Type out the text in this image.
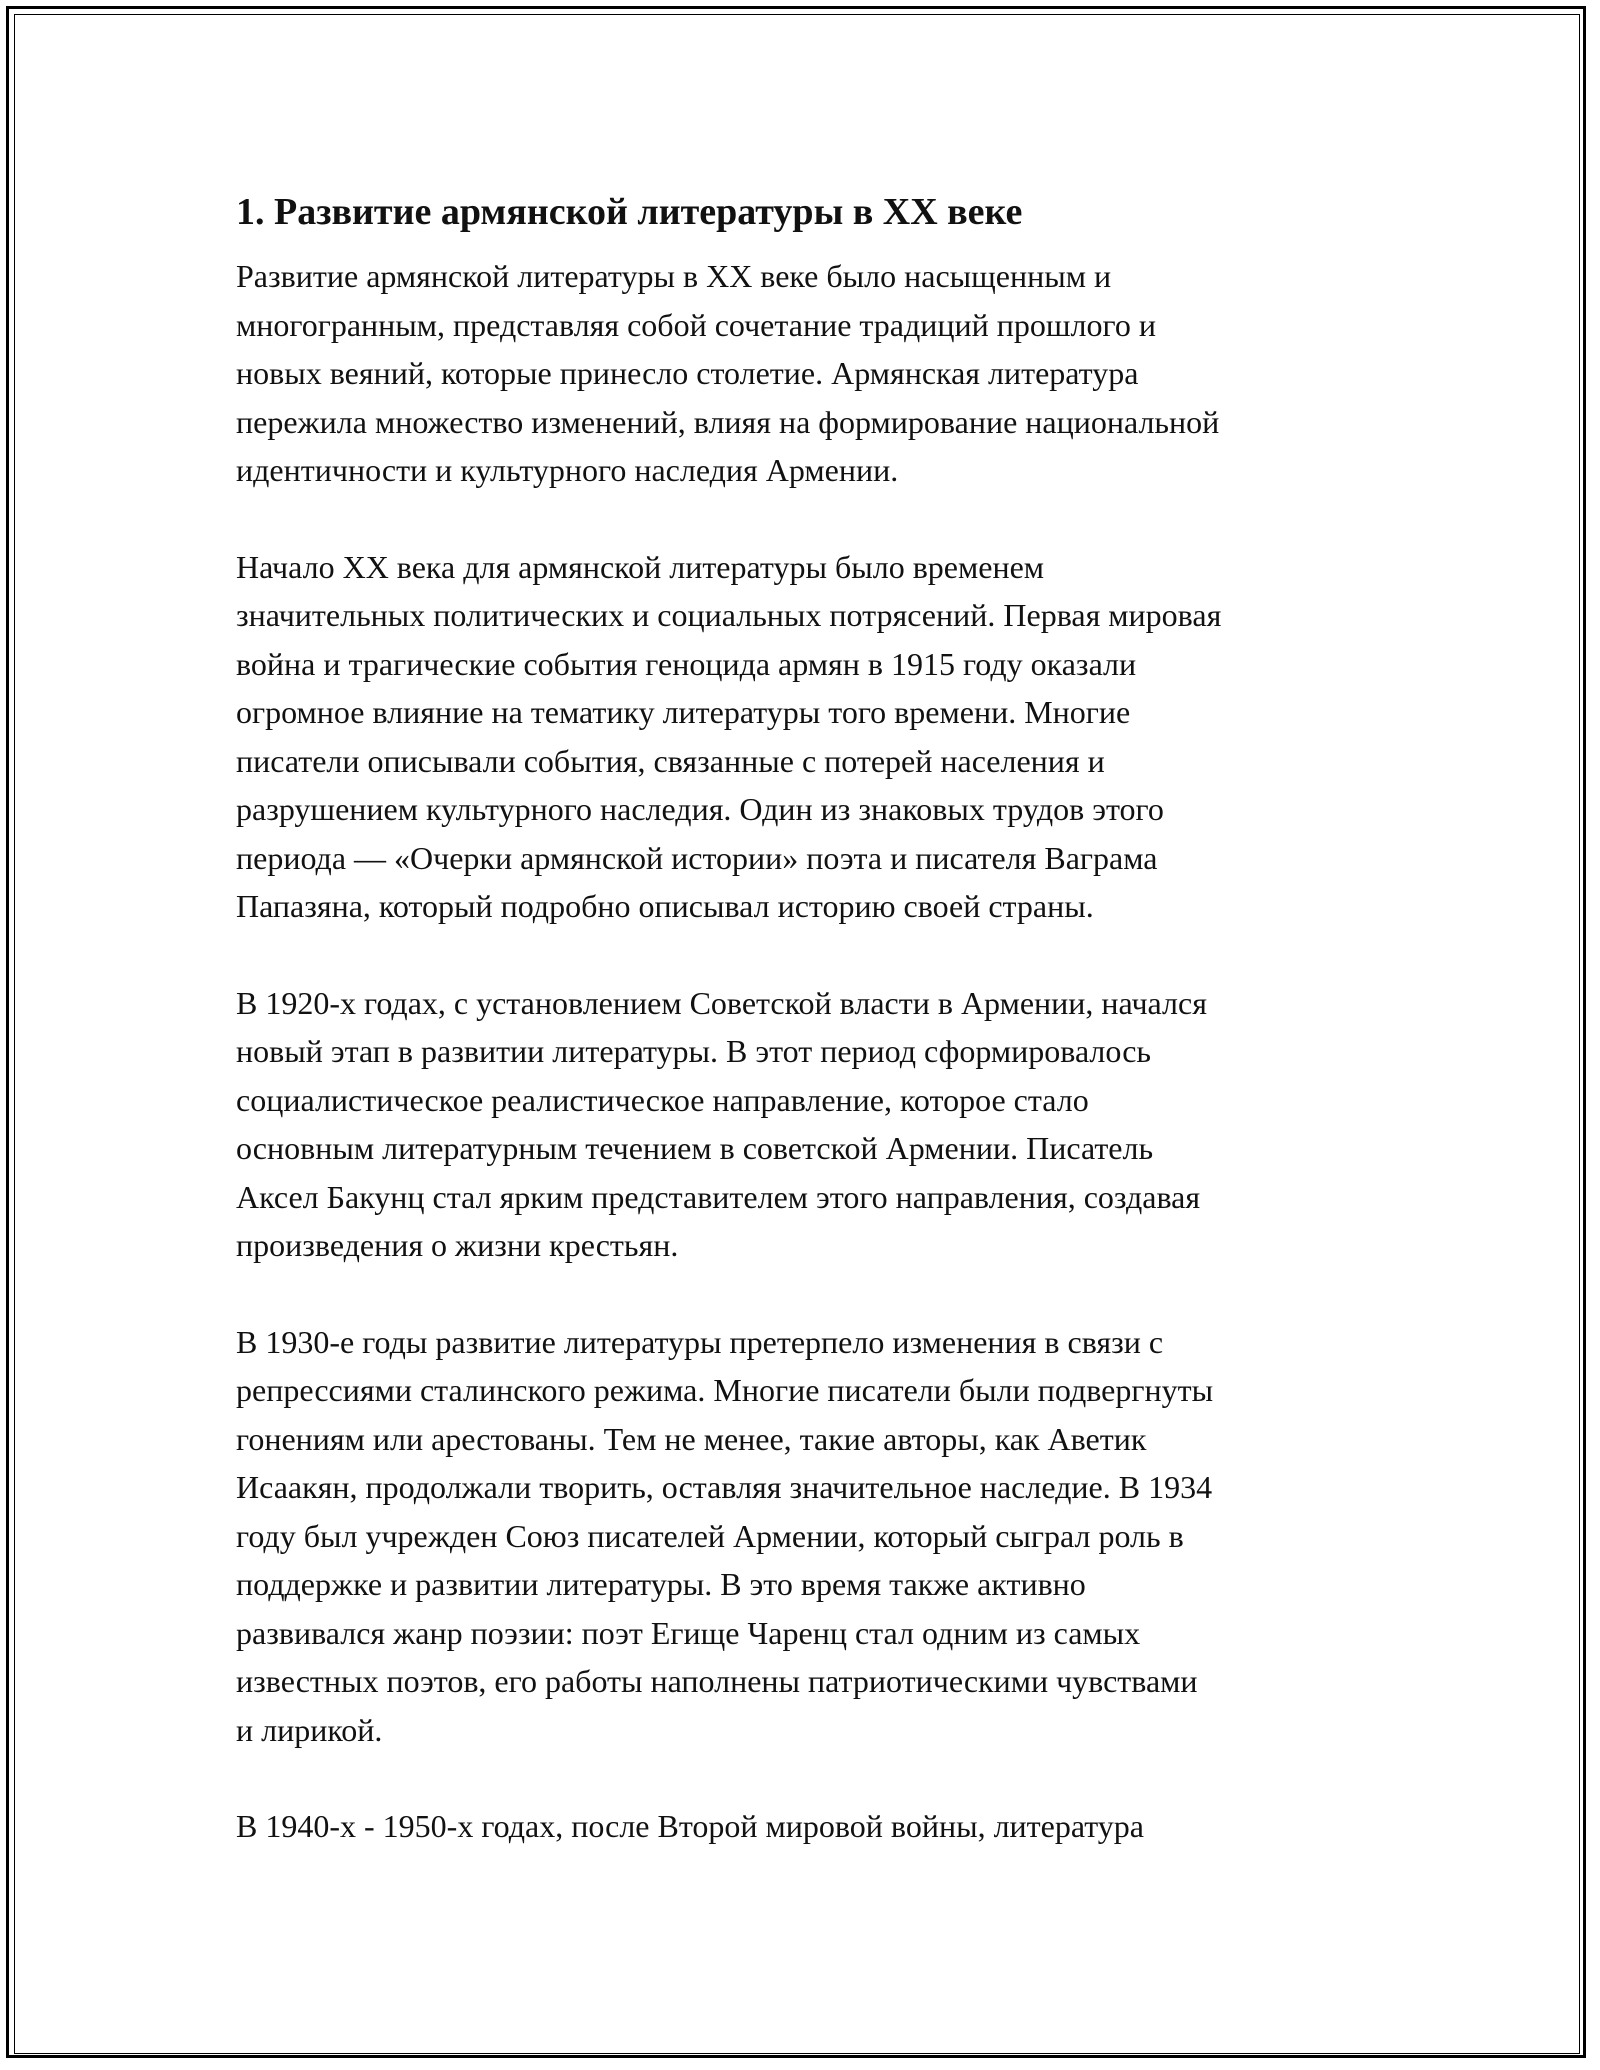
1. Развитие армянской литературы в XX веке
Развитие армянской литературы в XX веке было насыщенным и
многогранным, представляя собой сочетание традиций прошлого и
новых веяний, которые принесло столетие. Армянская литература
пережила множество изменений, влияя на формирование национальной
идентичности и культурного наследия Армении.
Начало XX века для армянской литературы было временем
значительных политических и социальных потрясений. Первая мировая
война и трагические события геноцида армян в 1915 году оказали
огромное влияние на тематику литературы того времени. Многие
писатели описывали события, связанные с потерей населения и
разрушением культурного наследия. Один из знаковых трудов этого
периода — «Очерки армянской истории» поэта и писателя Ваграма
Папазяна, который подробно описывал историю своей страны.
В 1920-х годах, с установлением Советской власти в Армении, начался
новый этап в развитии литературы. В этот период сформировалось
социалистическое реалистическое направление, которое стало
основным литературным течением в советской Армении. Писатель
Аксел Бакунц стал ярким представителем этого направления, создавая
произведения о жизни крестьян.
В 1930-е годы развитие литературы претерпело изменения в связи с
репрессиями сталинского режима. Многие писатели были подвергнуты
гонениям или арестованы. Тем не менее, такие авторы, как Аветик
Исаакян, продолжали творить, оставляя значительное наследие. В 1934
году был учрежден Союз писателей Армении, который сыграл роль в
поддержке и развитии литературы. В это время также активно
развивался жанр поэзии: поэт Егище Чаренц стал одним из самых
известных поэтов, его работы наполнены патриотическими чувствами
и лирикой.
В 1940-х - 1950-х годах, после Второй мировой войны, литература
